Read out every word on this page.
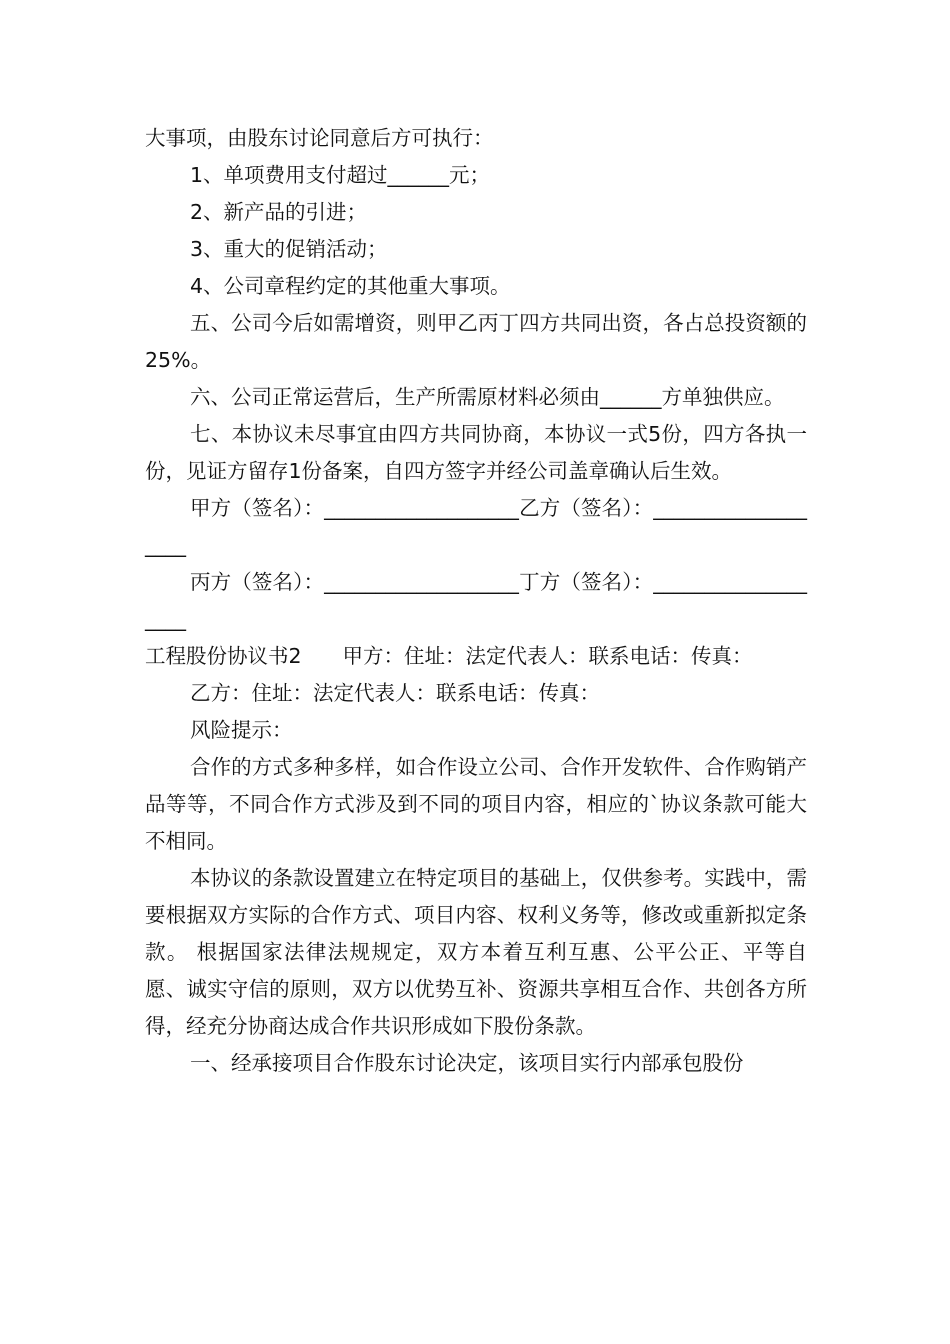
大事项，由股东讨论同意后方可执行：

1、单项费用支付超过______元；

2、新产品的引进；

3、重大的促销活动；

4、公司章程约定的其他重大事项。

五、公司今后如需增资，则甲乙丙丁四方共同出资，各占总投资额的25%。

六、公司正常运营后，生产所需原材料必须由______方单独供应。

七、本协议未尽事宜由四方共同协商，本协议一式5份，四方各执一份，见证方留存1份备案，自四方签字并经公司盖章确认后生效。

甲方（签名）：___________________乙方（签名）：___________________

丙方（签名）：___________________丁方（签名）：___________________

工程股份协议书2　　甲方：住址：法定代表人：联系电话：传真：

乙方：住址：法定代表人：联系电话：传真：

风险提示：

合作的方式多种多样，如合作设立公司、合作开发软件、合作购销产品等等，不同合作方式涉及到不同的项目内容，相应的`协议条款可能大不相同。

本协议的条款设置建立在特定项目的基础上，仅供参考。实践中，需要根据双方实际的合作方式、项目内容、权利义务等，修改或重新拟定条款。 根据国家法律法规规定，双方本着互利互惠、公平公正、平等自愿、诚实守信的原则，双方以优势互补、资源共享相互合作、共创各方所得，经充分协商达成合作共识形成如下股份条款。

一、经承接项目合作股东讨论决定，该项目实行内部承包股份
